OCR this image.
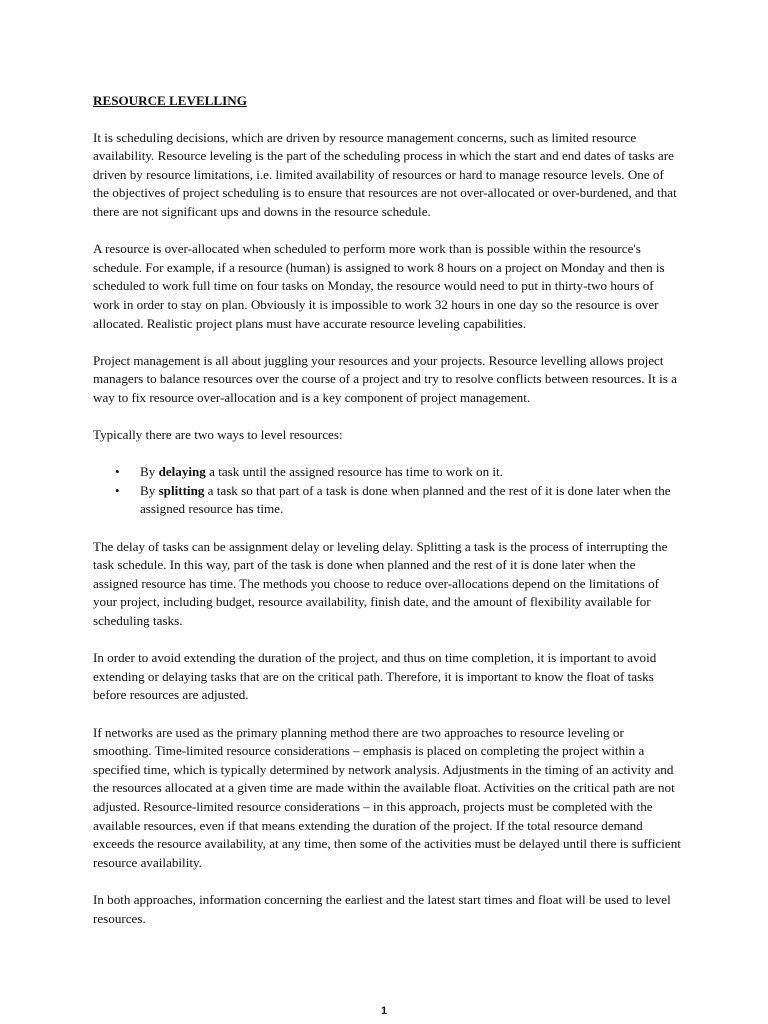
RESOURCE LEVELLING

It is scheduling decisions, which are driven by resource management concerns, such as limited resource availability. Resource leveling is the part of the scheduling process in which the start and end dates of tasks are driven by resource limitations, i.e. limited availability of resources or hard to manage resource levels. One of the objectives of project scheduling is to ensure that resources are not over-allocated or over-burdened, and that there are not significant ups and downs in the resource schedule.

A resource is over-allocated when scheduled to perform more work than is possible within the resource's schedule. For example, if a resource (human) is assigned to work 8 hours on a project on Monday and then is scheduled to work full time on four tasks on Monday, the resource would need to put in thirty-two hours of work in order to stay on plan. Obviously it is impossible to work 32 hours in one day so the resource is over allocated. Realistic project plans must have accurate resource leveling capabilities.

Project management is all about juggling your resources and your projects. Resource levelling allows project managers to balance resources over the course of a project and try to resolve conflicts between resources. It is a way to fix resource over-allocation and is a key component of project management.

Typically there are two ways to level resources:

• By delaying a task until the assigned resource has time to work on it.
• By splitting a task so that part of a task is done when planned and the rest of it is done later when the assigned resource has time.

The delay of tasks can be assignment delay or leveling delay. Splitting a task is the process of interrupting the task schedule. In this way, part of the task is done when planned and the rest of it is done later when the assigned resource has time. The methods you choose to reduce over-allocations depend on the limitations of your project, including budget, resource availability, finish date, and the amount of flexibility available for scheduling tasks.

In order to avoid extending the duration of the project, and thus on time completion, it is important to avoid extending or delaying tasks that are on the critical path. Therefore, it is important to know the float of tasks before resources are adjusted.

If networks are used as the primary planning method there are two approaches to resource leveling or smoothing. Time-limited resource considerations – emphasis is placed on completing the project within a specified time, which is typically determined by network analysis. Adjustments in the timing of an activity and the resources allocated at a given time are made within the available float. Activities on the critical path are not adjusted. Resource-limited resource considerations – in this approach, projects must be completed with the available resources, even if that means extending the duration of the project. If the total resource demand exceeds the resource availability, at any time, then some of the activities must be delayed until there is sufficient resource availability.

In both approaches, information concerning the earliest and the latest start times and float will be used to level resources.

1
